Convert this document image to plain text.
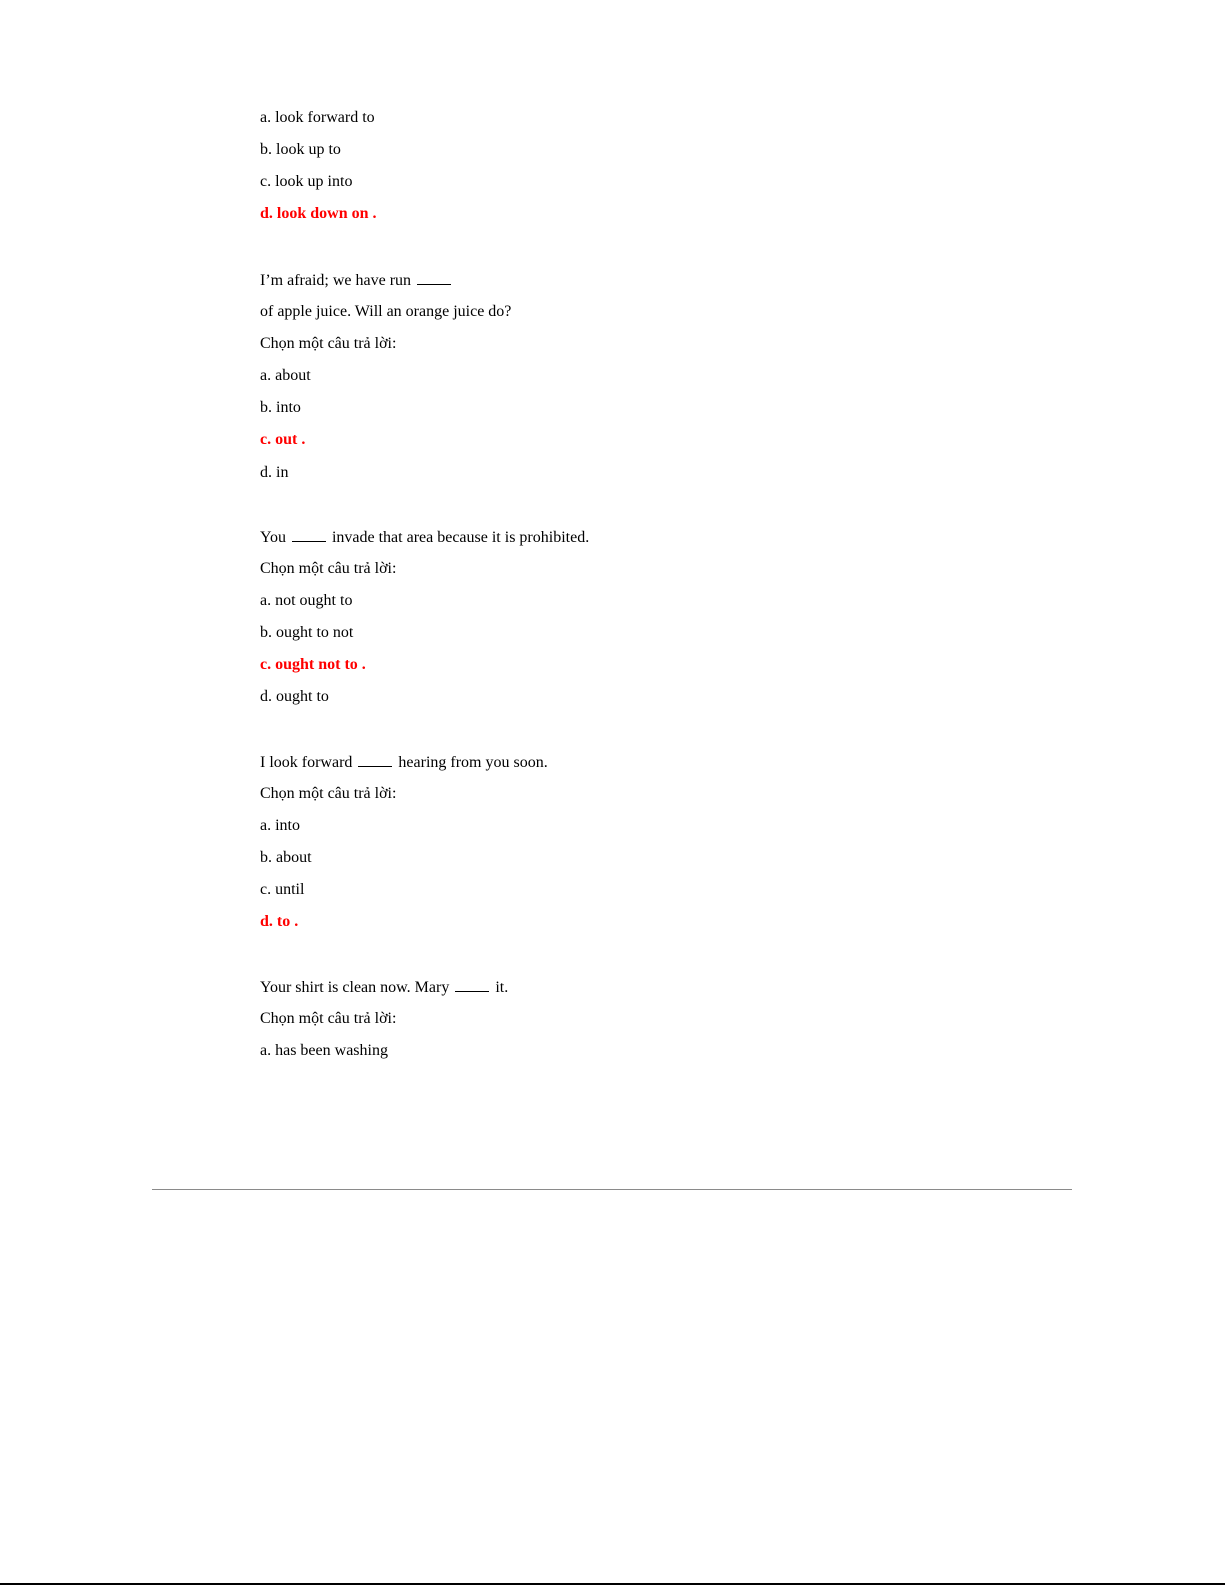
a. look forward to
b. look up to
c. look up into
d. look down on .
I’m afraid; we have run
of apple juice. Will an orange juice do?
Chọn một câu trả lời:
a. about
b. into
c. out .
d. in
You	invade that area because it is prohibited.
Chọn một câu trả lời:
a. not ought to
b. ought to not
c. ought not to .
d. ought to
I look forward	hearing from you soon.
Chọn một câu trả lời:
a. into
b. about
c. until
d. to .
Your shirt is clean now. Mary	it.
Chọn một câu trả lời:
a. has been washing
